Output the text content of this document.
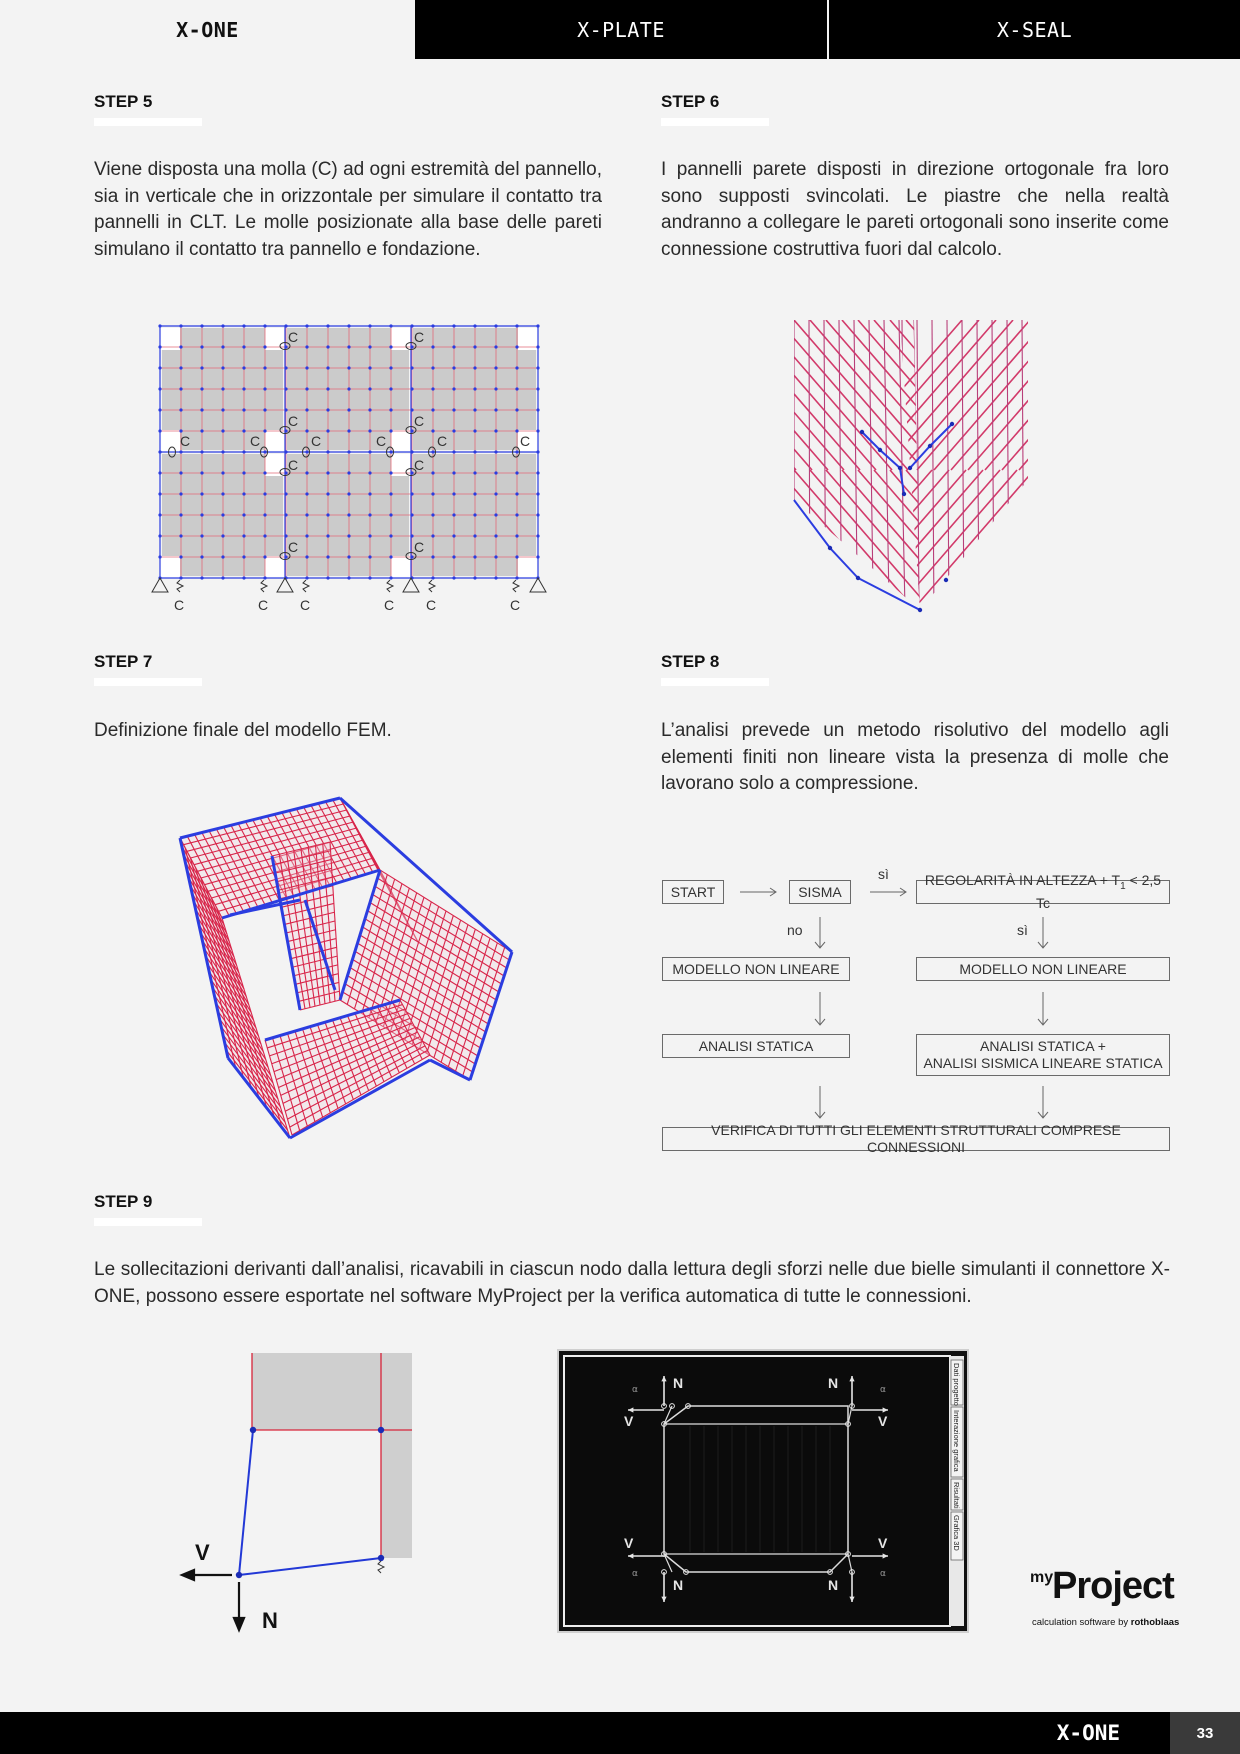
X-ONE	X-PLATE	X-SEAL
STEP 5
Viene disposta una molla (C) ad ogni estremità del pannello, sia in verticale che in orizzontale per simulare il contatto tra pannelli in CLT. Le molle posizionate alla base delle pareti simulano il contatto tra pannello e fondazione.
STEP 6
I pannelli parete disposti in direzione ortogonale fra loro sono supposti svincolati. Le piastre che nella realtà andranno a collegare le pareti ortogonali sono inserite come connessione costruttiva fuori dal calcolo.
C	C
C	C
C	C
C	C
C	C	C	C	C	C
C	C C	C C	C
STEP 7
Definizione finale del modello FEM.
STEP 8
L’analisi prevede un metodo risolutivo del modello agli elementi finiti non lineare vista la presenza di molle che lavorano solo a compressione.
START	SISMA
REGOLARITÀ IN ALTEZZA + $T_1 < 2,5$ Tc
sì
no	sì
MODELLO NON LINEARE	MODELLO NON LINEARE
ANALISI STATICA	ANALISI STATICA +
ANALISI SISMICA LINEARE STATICA
VERIFICA DI TUTTI GLI ELEMENTI STRUTTURALI COMPRESE CONNESSIONI
STEP 9
Le sollecitazioni derivanti dall’analisi, ricavabili in ciascun nodo dalla lettura degli sforzi nelle due bielle simulanti il connettore X-ONE, possono essere esportate nel software MyProject per la verifica automatica di tutte le connessioni.
V
N
Dati progetto
Interazione grafica
Risultati
Grafica 3D
N
V
N
V
N
V
N
V
α	α
α	α	my
Project
calculation software by rothoblaas
X-ONE	33
